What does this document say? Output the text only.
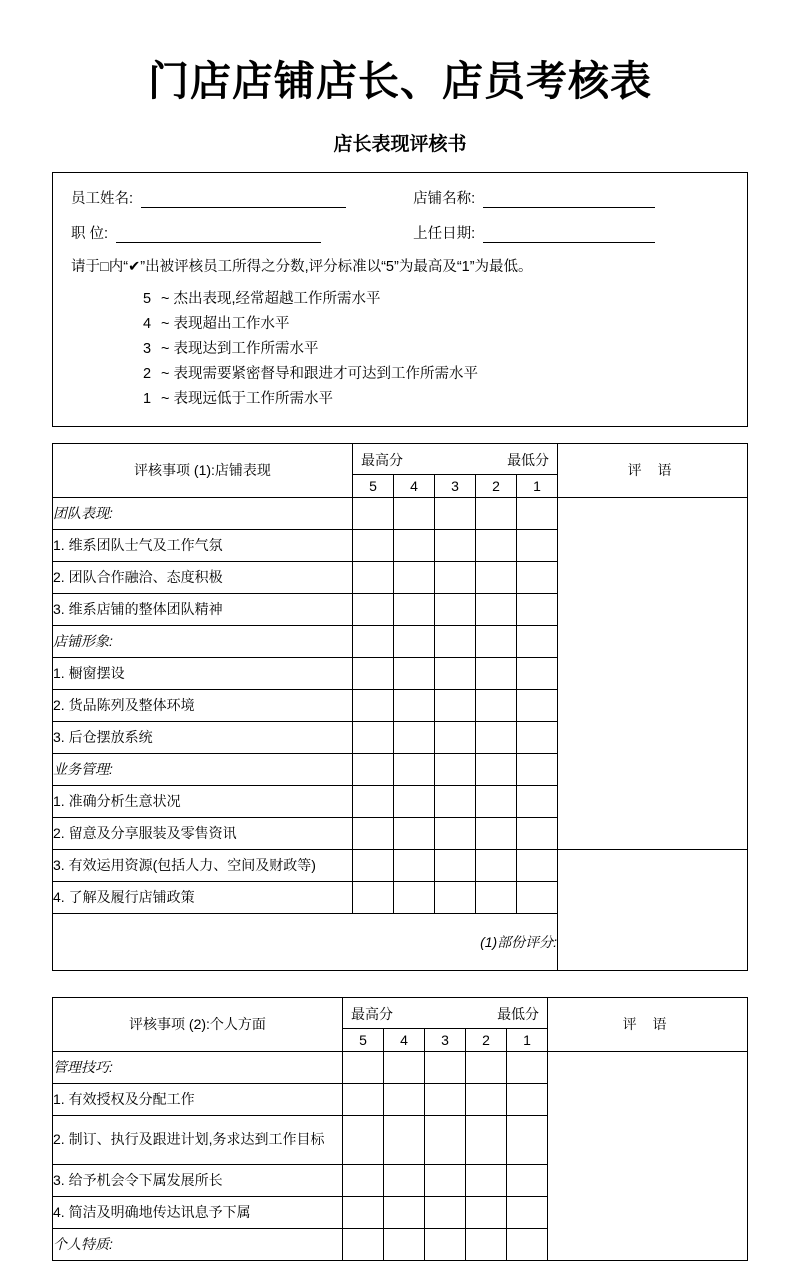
门店店铺店长、店员考核表
店长表现评核书
员工姓名:	店铺名称:
职 位:	上任日期:
请于□内“✔”出被评核员工所得之分数,评分标准以“5”为最高及“1”为最低。
5 ~ 杰出表现,经常超越工作所需水平
4 ~ 表现超出工作水平
3 ~ 表现达到工作所需水平
2 ~ 表现需要紧密督导和跟进才可达到工作所需水平
1 ~ 表现远低于工作所需水平
评核事项 (1):店铺表现	最高分 最低分					评 语
	5	4	3	2	1	
团队表现:						
1. 维系团队士气及工作气氛						
2. 团队合作融洽、态度积极						
3. 维系店铺的整体团队精神						
店铺形象:						
1. 橱窗摆设						
2. 货品陈列及整体环境						
3. 后仓摆放系统						
业务管理:						
1. 准确分析生意状况						
2. 留意及分享服装及零售资讯						
3. 有效运用资源(包括人力、空间及财政等)						
4. 了解及履行店铺政策						
(1)部份评分:						
评核事项 (2):个人方面	最高分 最低分					评 语
	5	4	3	2	1	
管理技巧:						
1. 有效授权及分配工作						
2. 制订、执行及跟进计划,务求达到工作目标						
3. 给予机会令下属发展所长						
4. 简洁及明确地传达讯息予下属						
个人特质:						
